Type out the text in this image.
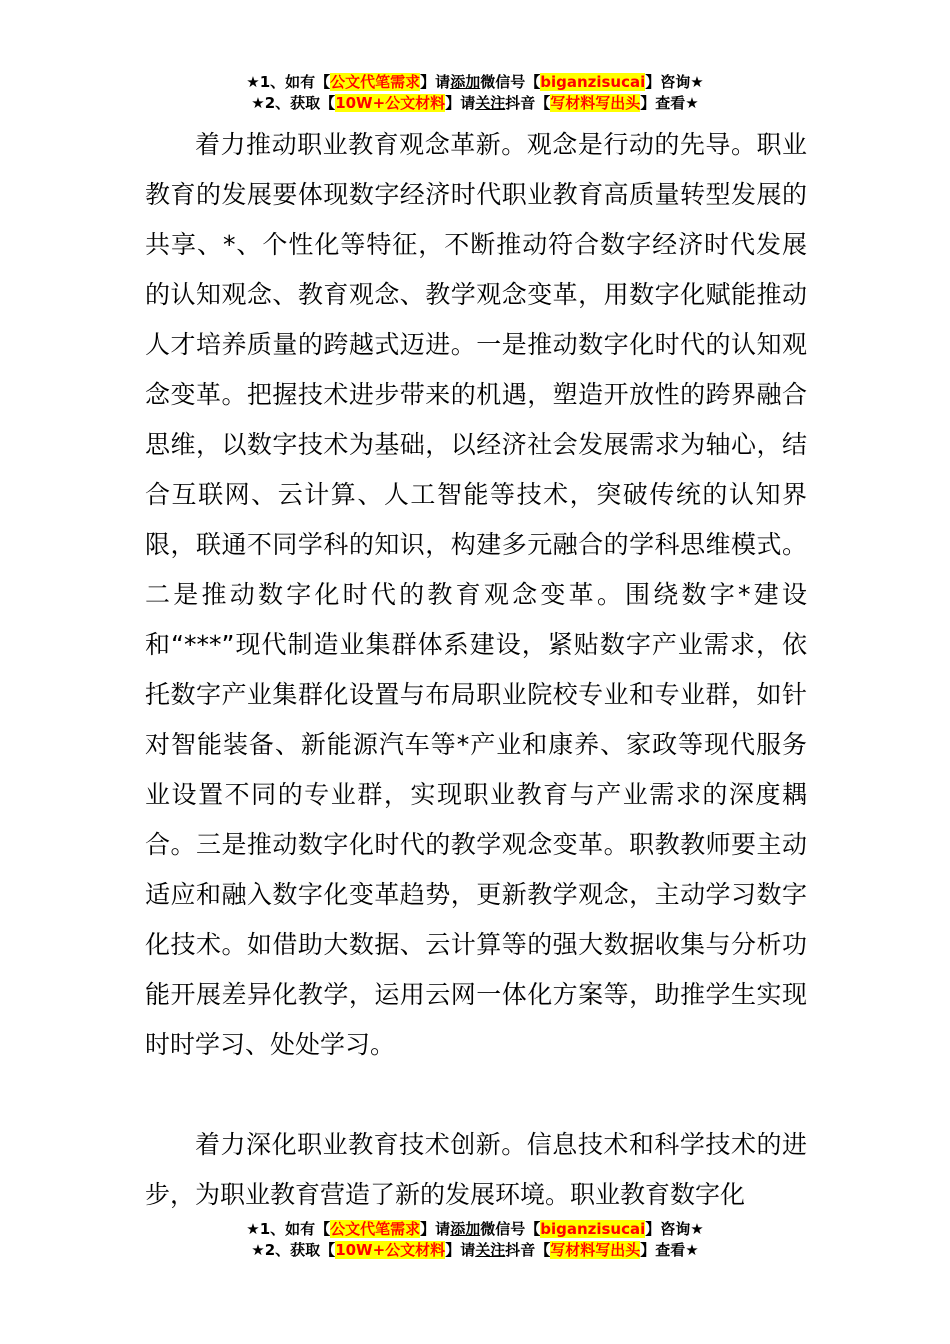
★1、如有【公文代笔需求】请添加微信号【biganzisucai】咨询★
★2、获取【10W+公文材料】请关注抖音【写材料写出头】查看★

着力推动职业教育观念革新。观念是行动的先导。职业教育的发展要体现数字经济时代职业教育高质量转型发展的共享、*、个性化等特征，不断推动符合数字经济时代发展的认知观念、教育观念、教学观念变革，用数字化赋能推动人才培养质量的跨越式迈进。一是推动数字化时代的认知观念变革。把握技术进步带来的机遇，塑造开放性的跨界融合思维，以数字技术为基础，以经济社会发展需求为轴心，结合互联网、云计算、人工智能等技术，突破传统的认知界限，联通不同学科的知识，构建多元融合的学科思维模式。二是推动数字化时代的教育观念变革。围绕数字*建设和“***”现代制造业集群体系建设，紧贴数字产业需求，依托数字产业集群化设置与布局职业院校专业和专业群，如针对智能装备、新能源汽车等*产业和康养、家政等现代服务业设置不同的专业群，实现职业教育与产业需求的深度耦合。三是推动数字化时代的教学观念变革。职教教师要主动适应和融入数字化变革趋势，更新教学观念，主动学习数字化技术。如借助大数据、云计算等的强大数据收集与分析功能开展差异化教学，运用云网一体化方案等，助推学生实现时时学习、处处学习。

着力深化职业教育技术创新。信息技术和科学技术的进步，为职业教育营造了新的发展环境。职业教育数字化

★1、如有【公文代笔需求】请添加微信号【biganzisucai】咨询★
★2、获取【10W+公文材料】请关注抖音【写材料写出头】查看★
